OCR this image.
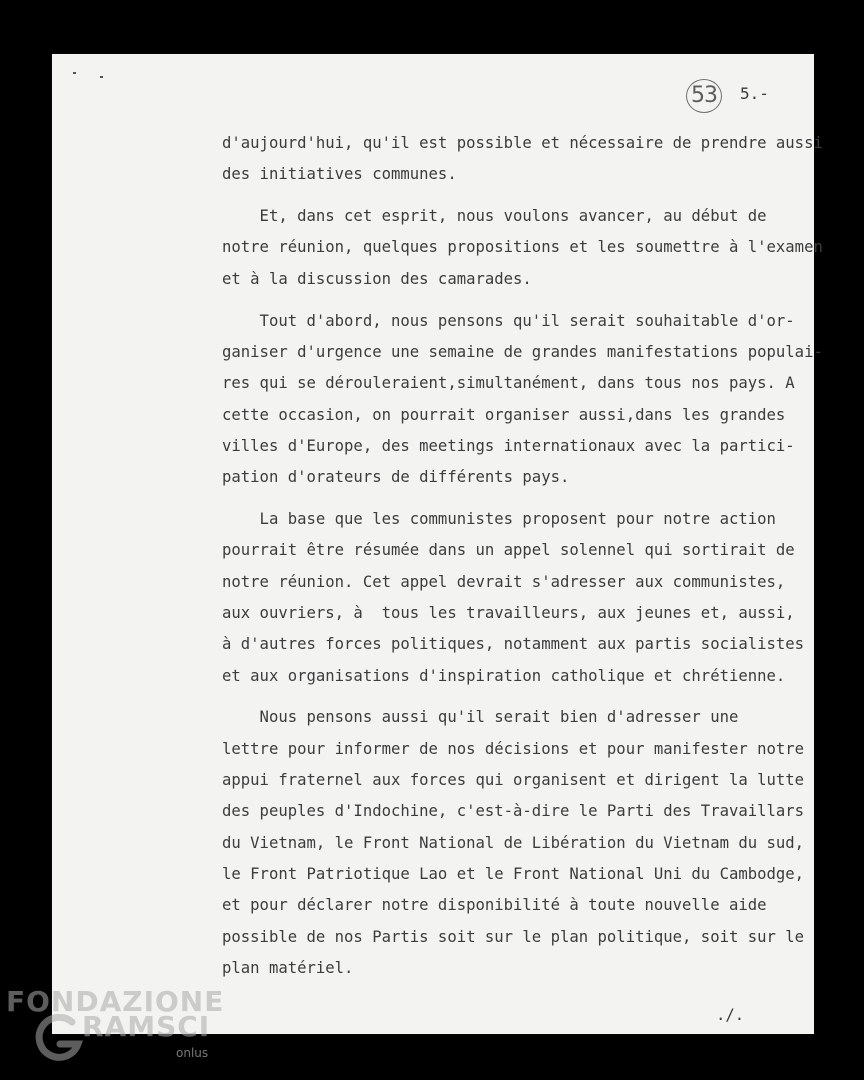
53	5.-

d'aujourd'hui, qu'il est possible et nécessaire de prendre aussi
des initiatives communes.

Et, dans cet esprit, nous voulons avancer, au début de
notre réunion, quelques propositions et les soumettre à l'examen
et à la discussion des camarades.

Tout d'abord, nous pensons qu'il serait souhaitable d'or-
ganiser d'urgence une semaine de grandes manifestations populai-
res qui se dérouleraient,simultanément, dans tous nos pays. A
cette occasion, on pourrait organiser aussi,dans les grandes
villes d'Europe, des meetings internationaux avec la partici-
pation d'orateurs de différents pays.

La base que les communistes proposent pour notre action
pourrait être résumée dans un appel solennel qui sortirait de
notre réunion. Cet appel devrait s'adresser aux communistes,
aux ouvriers, à  tous les travailleurs, aux jeunes et, aussi,
à d'autres forces politiques, notamment aux partis socialistes
et aux organisations d'inspiration catholique et chrétienne.

Nous pensons aussi qu'il serait bien d'adresser une
lettre pour informer de nos décisions et pour manifester notre
appui fraternel aux forces qui organisent et dirigent la lutte
des peuples d'Indochine, c'est-à-dire le Parti des Travaillars
du Vietnam, le Front National de Libération du Vietnam du sud,
le Front Patriotique Lao et le Front National Uni du Cambodge,
et pour déclarer notre disponibilité à toute nouvelle aide
possible de nos Partis soit sur le plan politique, soit sur le
plan matériel.

./.
FONDAZIONE
RAMSCI
onlus
